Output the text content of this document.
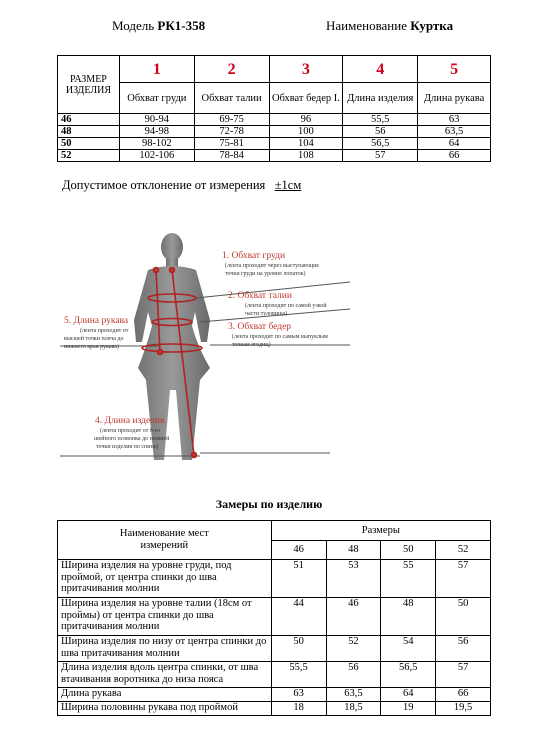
Модель РК1-358	Наименование Куртка
РАЗМЕР ИЗДЕЛИЯ	1	2	3	4	5
	Обхват груди	Обхват талии	Обхват бедер I.	Длина изделия	Длина рукава
46	90-94	69-75	96	55,5	63
48	94-98	72-78	100	56	63,5
50	98-102	75-81	104	56,5	64
52	102-106	78-84	108	57	66
Допустимое отклонение от измерения ±1см
1. Обхват груди
(лента проходит через выступающие
точки груди на уровне лопаток)
2. Обхват талии
(лента проходит по самой узкой
части туловища)
3. Обхват бедер
(лента проходит по самым выпуклым
точкам ягодиц)
4. Длина изделия
(лента проходит от 6-го
шейного позвонка до нижней
точки изделия по спине)
5. Длина рукава
(лента проходит от
высшей точки плеча до
нижнего края рукава)
Замеры по изделию
Наименование мест измерений	Размеры			
	46	48	50	52
Ширина изделия на уровне груди, под проймой, от центра спинки до шва притачивания молнии	51	53	55	57
Ширина изделия на уровне талии (18см от проймы) от центра спинки до шва притачивания молнии	44	46	48	50
Ширина изделия по низу от центра спинки до шва притачивания молнии	50	52	54	56
Длина изделия вдоль центра спинки, от шва втачивания воротника до низа пояса	55,5	56	56,5	57
Длина рукава	63	63,5	64	66
Ширина половины рукава под проймой	18	18,5	19	19,5
